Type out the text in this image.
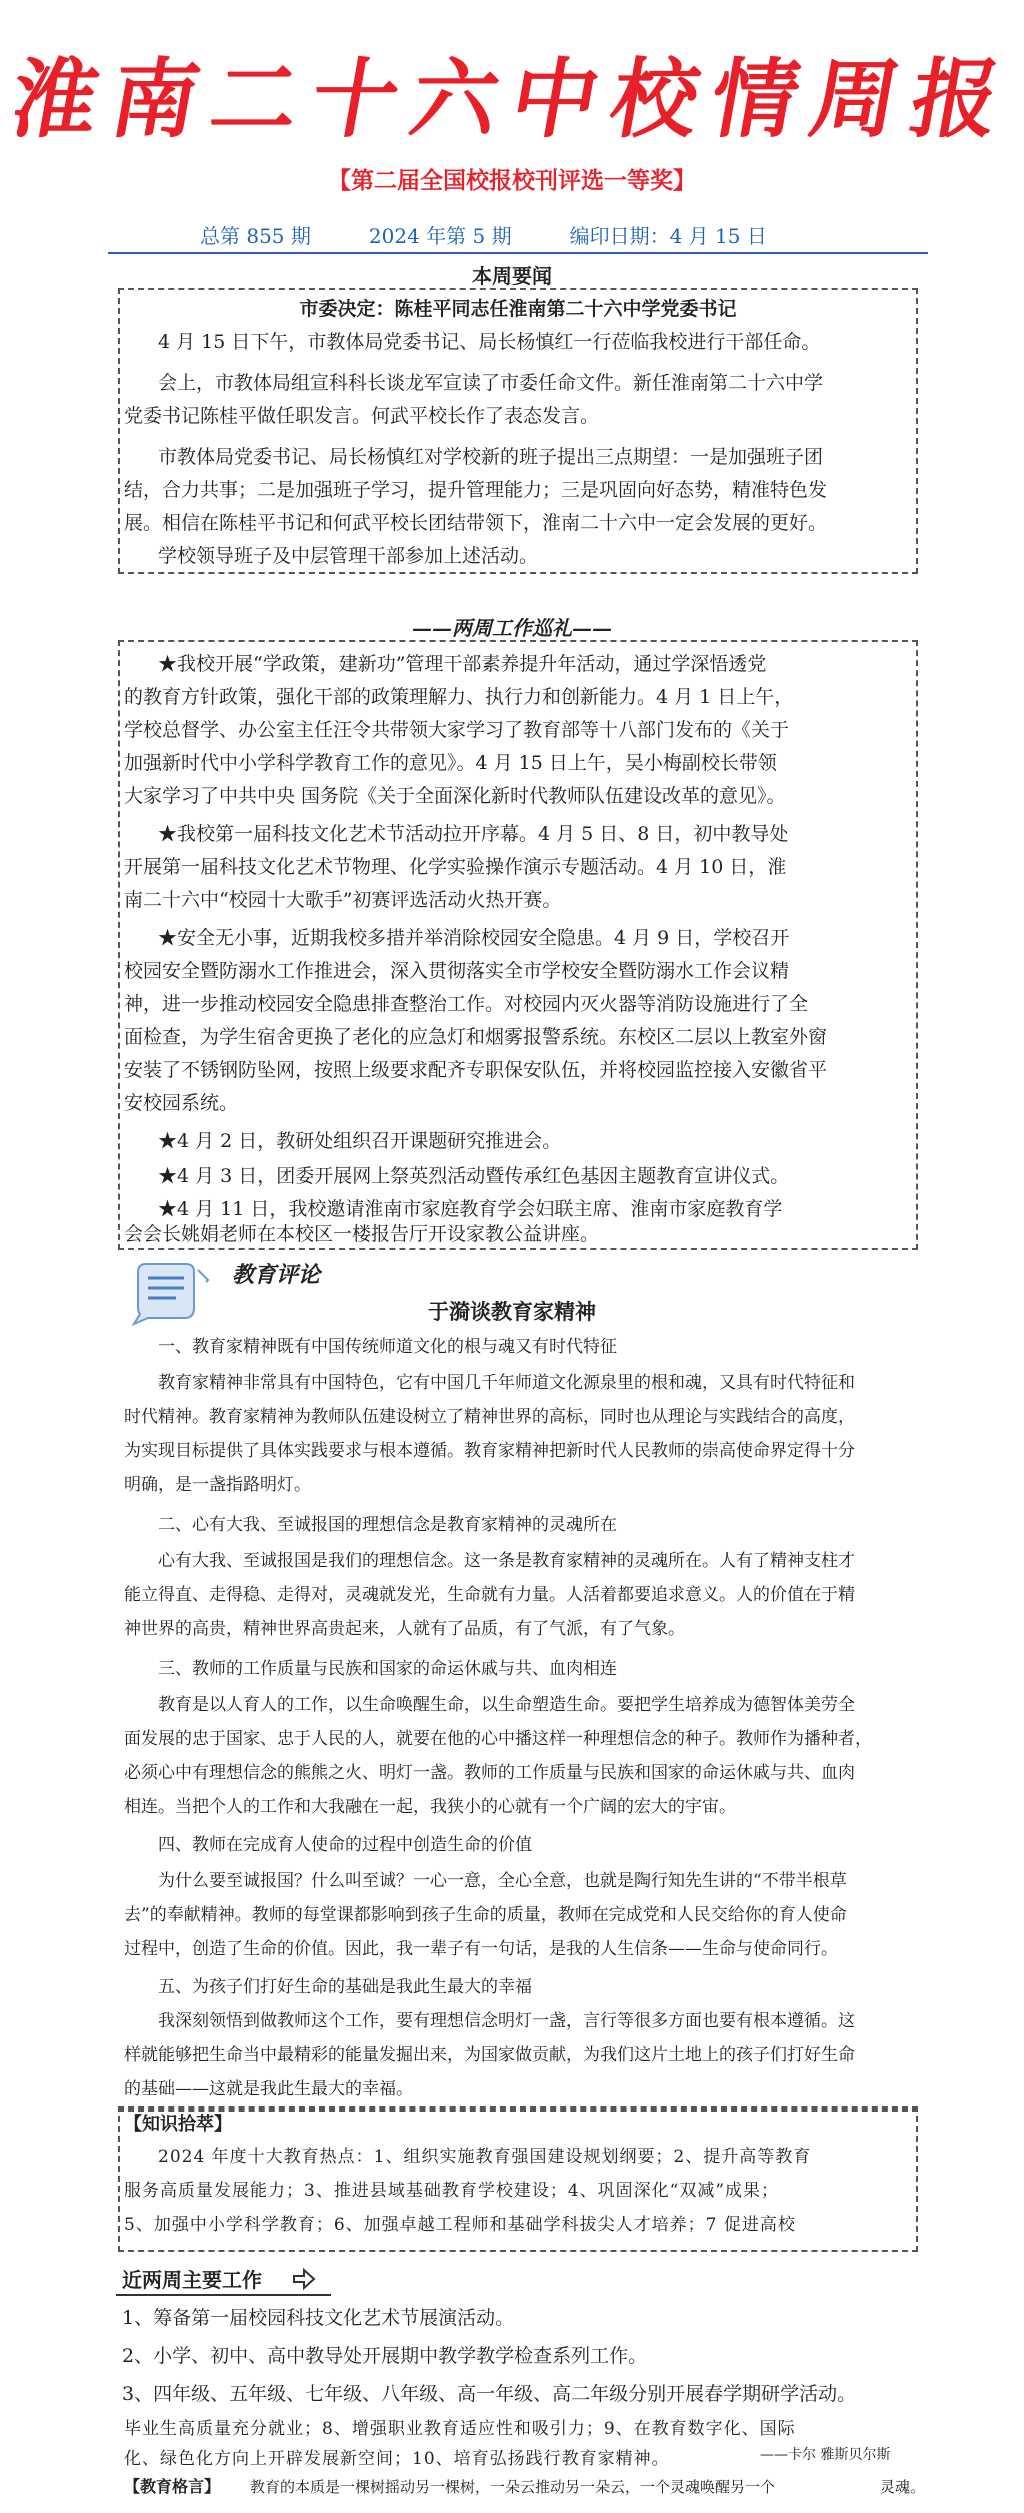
淮南二十六中校情周报
【第二届全国校报校刊评选一等奖】
总第 855 期	2024 年第 5 期	编印日期：4 月 15 日
本周要闻
市委决定：陈桂平同志任淮南第二十六中学党委书记
4 月 15 日下午，市教体局党委书记、局长杨慎红一行莅临我校进行干部任命。
会上，市教体局组宣科科长谈龙军宣读了市委任命文件。新任淮南第二十六中学
党委书记陈桂平做任职发言。何武平校长作了表态发言。
市教体局党委书记、局长杨慎红对学校新的班子提出三点期望：一是加强班子团
结，合力共事；二是加强班子学习，提升管理能力；三是巩固向好态势，精准特色发
展。相信在陈桂平书记和何武平校长团结带领下，淮南二十六中一定会发展的更好。
学校领导班子及中层管理干部参加上述活动。
——两周工作巡礼——
★我校开展“学政策，建新功”管理干部素养提升年活动，通过学深悟透党
的教育方针政策，强化干部的政策理解力、执行力和创新能力。4 月 1 日上午，
学校总督学、办公室主任汪令共带领大家学习了教育部等十八部门发布的《关于
加强新时代中小学科学教育工作的意见》。4 月 15 日上午，吴小梅副校长带领
大家学习了中共中央 国务院《关于全面深化新时代教师队伍建设改革的意见》。
★我校第一届科技文化艺术节活动拉开序幕。4 月 5 日、8 日，初中教导处
开展第一届科技文化艺术节物理、化学实验操作演示专题活动。4 月 10 日，淮
南二十六中“校园十大歌手”初赛评选活动火热开赛。
★安全无小事，近期我校多措并举消除校园安全隐患。4 月 9 日，学校召开
校园安全暨防溺水工作推进会，深入贯彻落实全市学校安全暨防溺水工作会议精
神，进一步推动校园安全隐患排查整治工作。对校园内灭火器等消防设施进行了全
面检查，为学生宿舍更换了老化的应急灯和烟雾报警系统。东校区二层以上教室外窗
安装了不锈钢防坠网，按照上级要求配齐专职保安队伍，并将校园监控接入安徽省平
安校园系统。
★4 月 2 日，教研处组织召开课题研究推进会。
★4 月 3 日，团委开展网上祭英烈活动暨传承红色基因主题教育宣讲仪式。
★4 月 11 日，我校邀请淮南市家庭教育学会妇联主席、淮南市家庭教育学
会会长姚娟老师在本校区一楼报告厅开设家教公益讲座。
教育评论
于漪谈教育家精神
一、教育家精神既有中国传统师道文化的根与魂又有时代特征
教育家精神非常具有中国特色，它有中国几千年师道文化源泉里的根和魂，又具有时代特征和
时代精神。教育家精神为教师队伍建设树立了精神世界的高标，同时也从理论与实践结合的高度，
为实现目标提供了具体实践要求与根本遵循。教育家精神把新时代人民教师的崇高使命界定得十分
明确，是一盏指路明灯。
二、心有大我、至诚报国的理想信念是教育家精神的灵魂所在
心有大我、至诚报国是我们的理想信念。这一条是教育家精神的灵魂所在。人有了精神支柱才
能立得直、走得稳、走得对，灵魂就发光，生命就有力量。人活着都要追求意义。人的价值在于精
神世界的高贵，精神世界高贵起来，人就有了品质，有了气派，有了气象。
三、教师的工作质量与民族和国家的命运休戚与共、血肉相连
教育是以人育人的工作，以生命唤醒生命，以生命塑造生命。要把学生培养成为德智体美劳全
面发展的忠于国家、忠于人民的人，就要在他的心中播这样一种理想信念的种子。教师作为播种者，
必须心中有理想信念的熊熊之火、明灯一盏。教师的工作质量与民族和国家的命运休戚与共、血肉
相连。当把个人的工作和大我融在一起，我狭小的心就有一个广阔的宏大的宇宙。
四、教师在完成育人使命的过程中创造生命的价值
为什么要至诚报国？什么叫至诚？一心一意，全心全意，也就是陶行知先生讲的“不带半根草
去”的奉献精神。教师的每堂课都影响到孩子生命的质量，教师在完成党和人民交给你的育人使命
过程中，创造了生命的价值。因此，我一辈子有一句话，是我的人生信条——生命与使命同行。
五、为孩子们打好生命的基础是我此生最大的幸福
我深刻领悟到做教师这个工作，要有理想信念明灯一盏，言行等很多方面也要有根本遵循。这
样就能够把生命当中最精彩的能量发掘出来，为国家做贡献，为我们这片土地上的孩子们打好生命
的基础——这就是我此生最大的幸福。
【知识拾萃】
2024 年度十大教育热点：1、组织实施教育强国建设规划纲要；2、提升高等教育
服务高质量发展能力；3、推进县域基础教育学校建设；4、巩固深化“双减”成果；
5、加强中小学科学教育；6、加强卓越工程师和基础学科拔尖人才培养；7 促进高校
近两周主要工作
1、筹备第一届校园科技文化艺术节展演活动。
2、小学、初中、高中教导处开展期中教学教学检查系列工作。
3、四年级、五年级、七年级、八年级、高一年级、高二年级分别开展春学期研学活动。
毕业生高质量充分就业；8、增强职业教育适应性和吸引力；9、在教育数字化、国际
化、绿色化方向上开辟发展新空间；10、培育弘扬践行教育家精神。
【教育格言】 教育的本质是一棵树摇动另一棵树，一朵云推动另一朵云，一个灵魂唤醒另一个	灵魂。
——卡尔 雅斯贝尔斯
